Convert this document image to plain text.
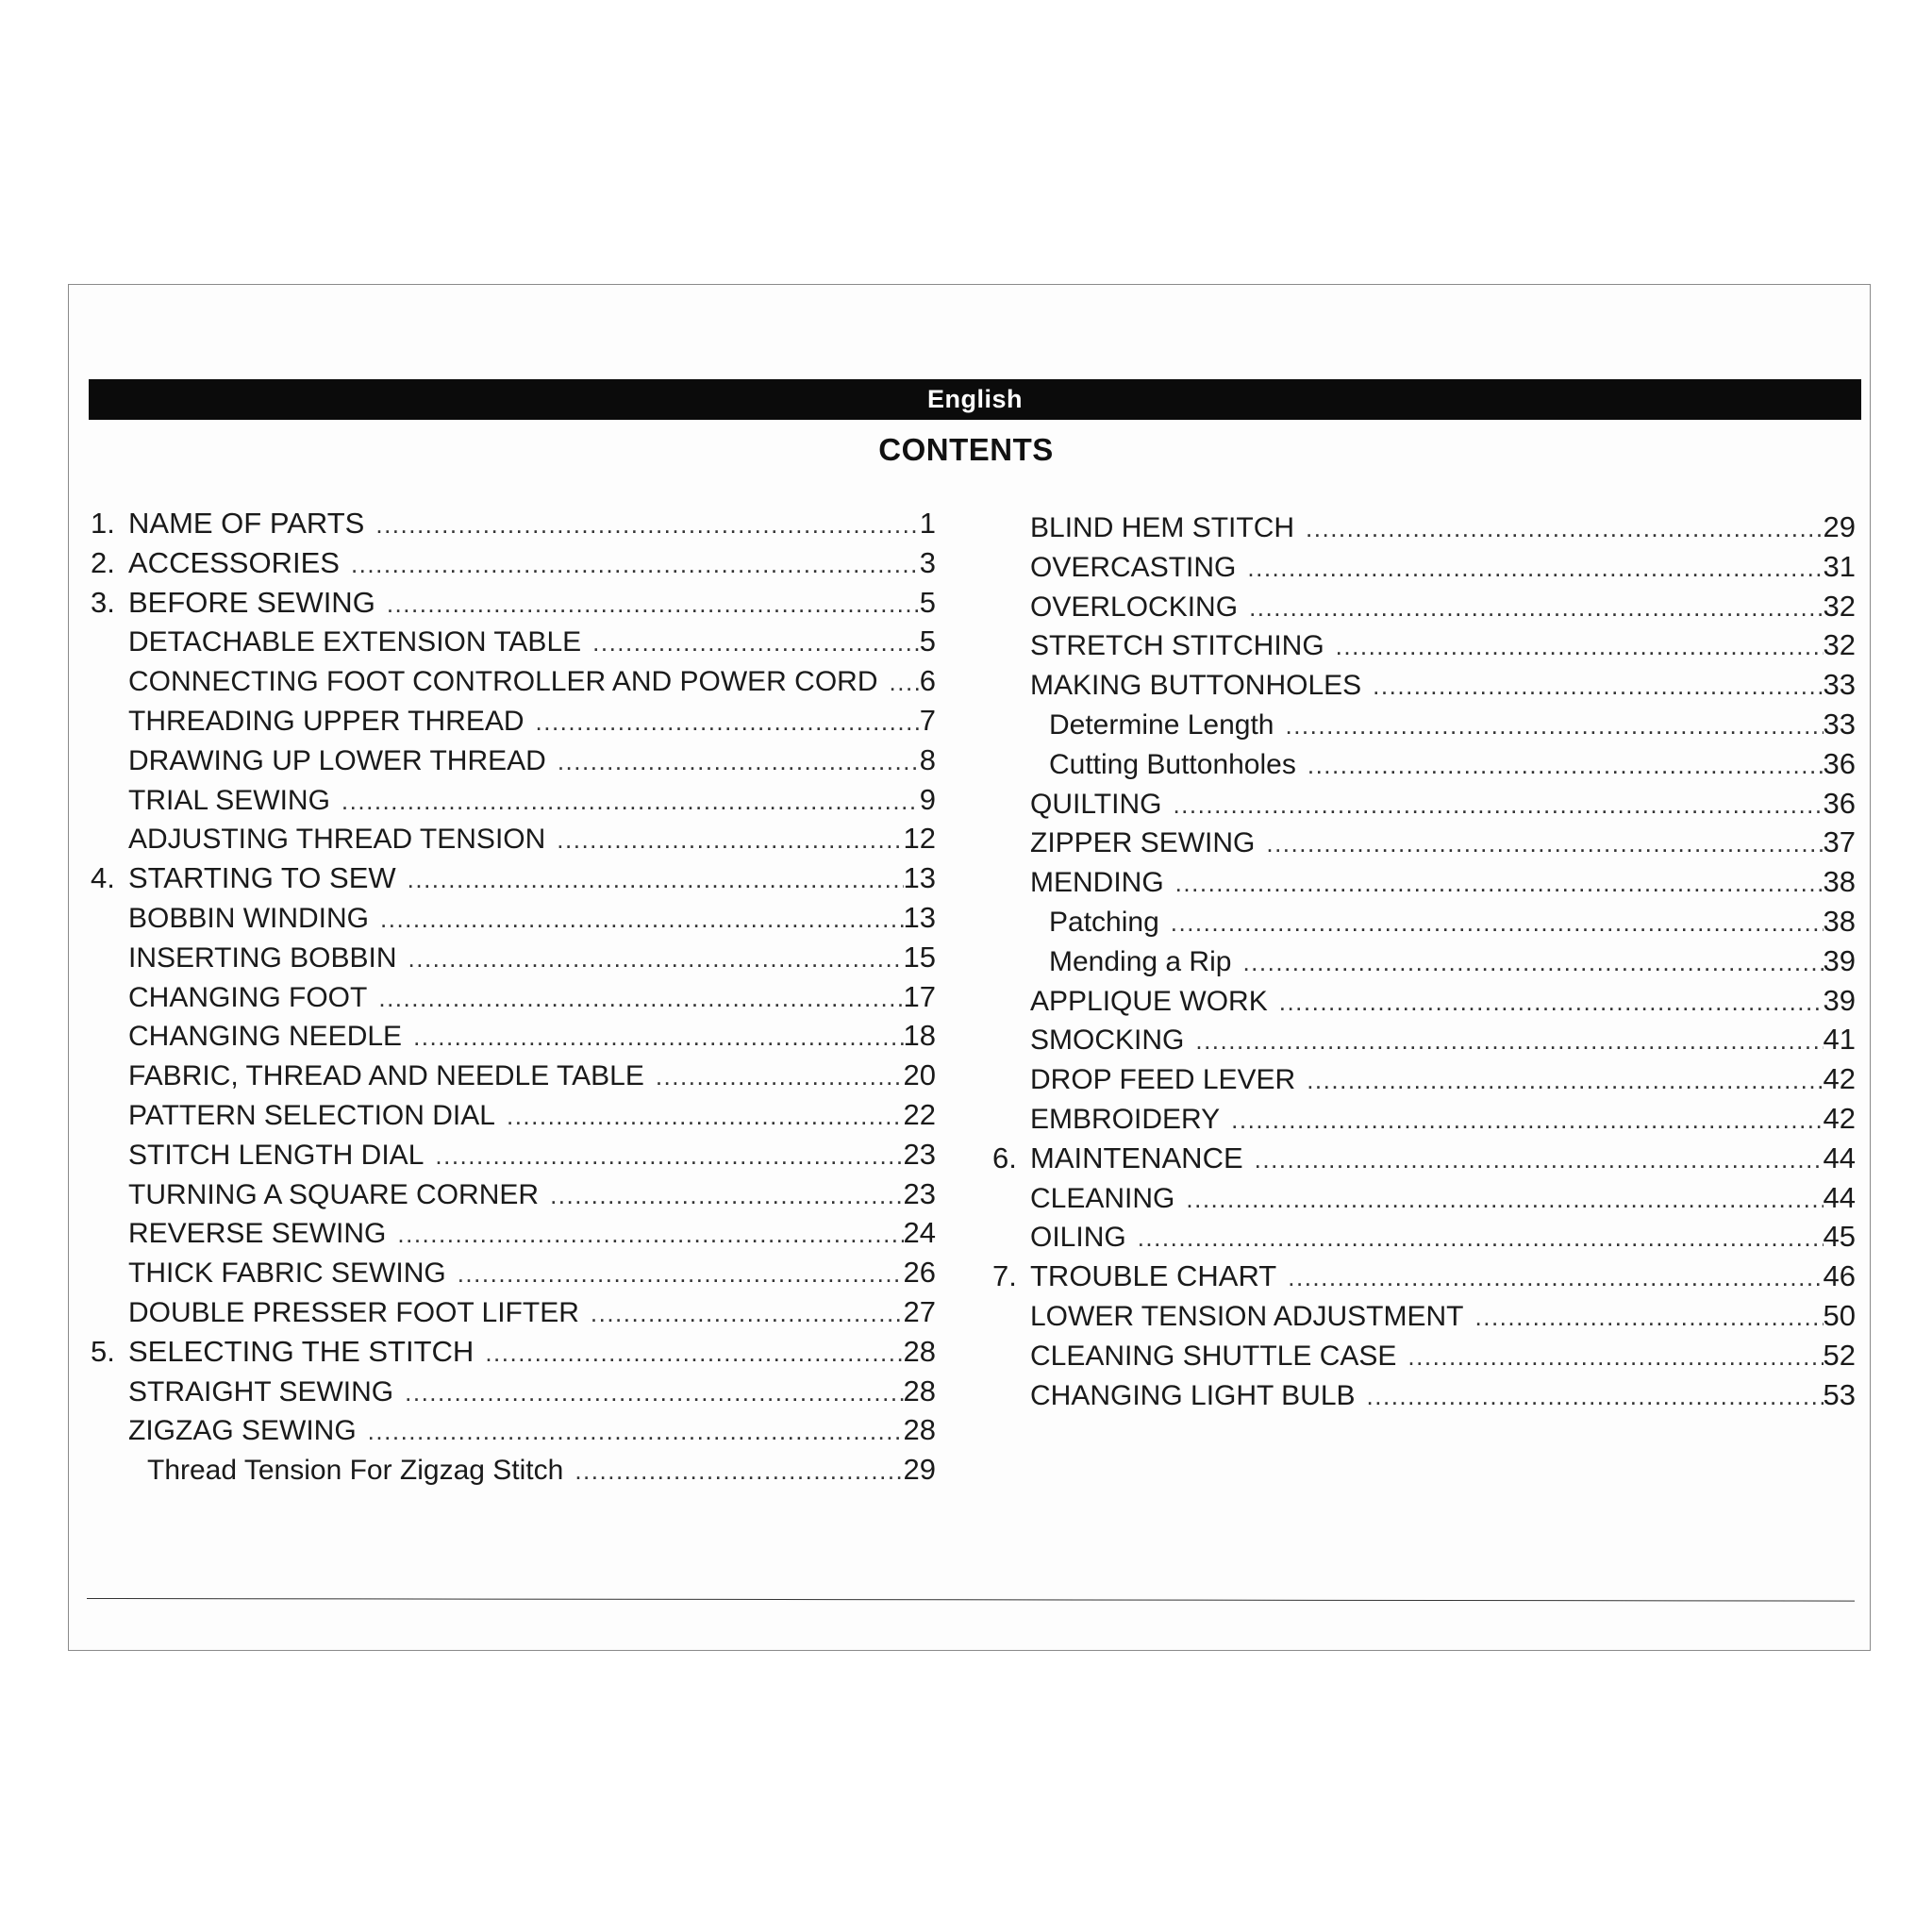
English
CONTENTS
1. NAME OF PARTS .....	1
2. ACCESSORIES .....	3
3. BEFORE SEWING .....	5
DETACHABLE EXTENSION TABLE .....	5
CONNECTING FOOT CONTROLLER AND POWER CORD .....	6
THREADING UPPER THREAD .....	7
DRAWING UP LOWER THREAD .....	8
TRIAL SEWING .....	9
ADJUSTING THREAD TENSION .....	12
4. STARTING TO SEW .....	13
BOBBIN WINDING .....	13
INSERTING BOBBIN .....	15
CHANGING FOOT .....	17
CHANGING NEEDLE .....	18
FABRIC, THREAD AND NEEDLE TABLE .....	20
PATTERN SELECTION DIAL .....	22
STITCH LENGTH DIAL .....	23
TURNING A SQUARE CORNER .....	23
REVERSE SEWING .....	24
THICK FABRIC SEWING .....	26
DOUBLE PRESSER FOOT LIFTER .....	27
5. SELECTING THE STITCH .....	28
STRAIGHT SEWING .....	28
ZIGZAG SEWING .....	28
Thread Tension For Zigzag Stitch .....	29
BLIND HEM STITCH .....	29
OVERCASTING .....	31
OVERLOCKING .....	32
STRETCH STITCHING .....	32
MAKING BUTTONHOLES .....	33
Determine Length .....	33
Cutting Buttonholes .....	36
QUILTING .....	36
ZIPPER SEWING .....	37
MENDING .....	38
Patching .....	38
Mending a Rip .....	39
APPLIQUE WORK .....	39
SMOCKING .....	41
DROP FEED LEVER .....	42
EMBROIDERY .....	42
6. MAINTENANCE .....	44
CLEANING .....	44
OILING .....	45
7. TROUBLE CHART .....	46
LOWER TENSION ADJUSTMENT .....	50
CLEANING SHUTTLE CASE .....	52
CHANGING LIGHT BULB .....	53
